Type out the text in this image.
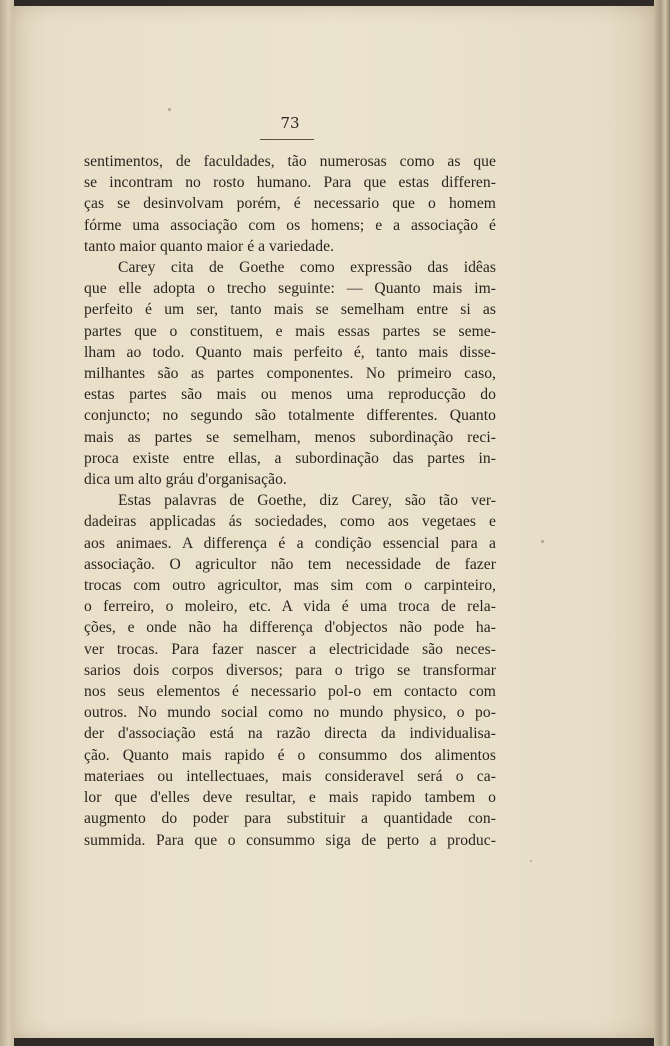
73
sentimentos, de faculdades, tão numerosas como as que
se incontram no rosto humano. Para que estas differen-
ças se desinvolvam porém, é necessario que o homem
fórme uma associação com os homens; e a associação é
tanto maior quanto maior é a variedade.
Carey cita de Goethe como expressão das idêas
que elle adopta o trecho seguinte: — Quanto mais im-
perfeito é um ser, tanto mais se semelham entre si as
partes que o constituem, e mais essas partes se seme-
lham ao todo. Quanto mais perfeito é, tanto mais disse-
milhantes são as partes componentes. No primeiro caso,
estas partes são mais ou menos uma reproducção do
conjuncto; no segundo são totalmente differentes. Quanto
mais as partes se semelham, menos subordinação reci-
proca existe entre ellas, a subordinação das partes in-
dica um alto gráu d'organisação.
Estas palavras de Goethe, diz Carey, são tão ver-
dadeiras applicadas ás sociedades, como aos vegetaes e
aos animaes. A differença é a condição essencial para a
associação. O agricultor não tem necessidade de fazer
trocas com outro agricultor, mas sim com o carpinteiro,
o ferreiro, o moleiro, etc. A vida é uma troca de rela-
ções, e onde não ha differença d'objectos não pode ha-
ver trocas. Para fazer nascer a electricidade são neces-
sarios dois corpos diversos; para o trigo se transformar
nos seus elementos é necessario pol-o em contacto com
outros. No mundo social como no mundo physico, o po-
der d'associação está na razão directa da individualisa-
ção. Quanto mais rapido é o consummo dos alimentos
materiaes ou intellectuaes, mais consideravel será o ca-
lor que d'elles deve resultar, e mais rapido tambem o
augmento do poder para substituir a quantidade con-
summida. Para que o consummo siga de perto a produc-
